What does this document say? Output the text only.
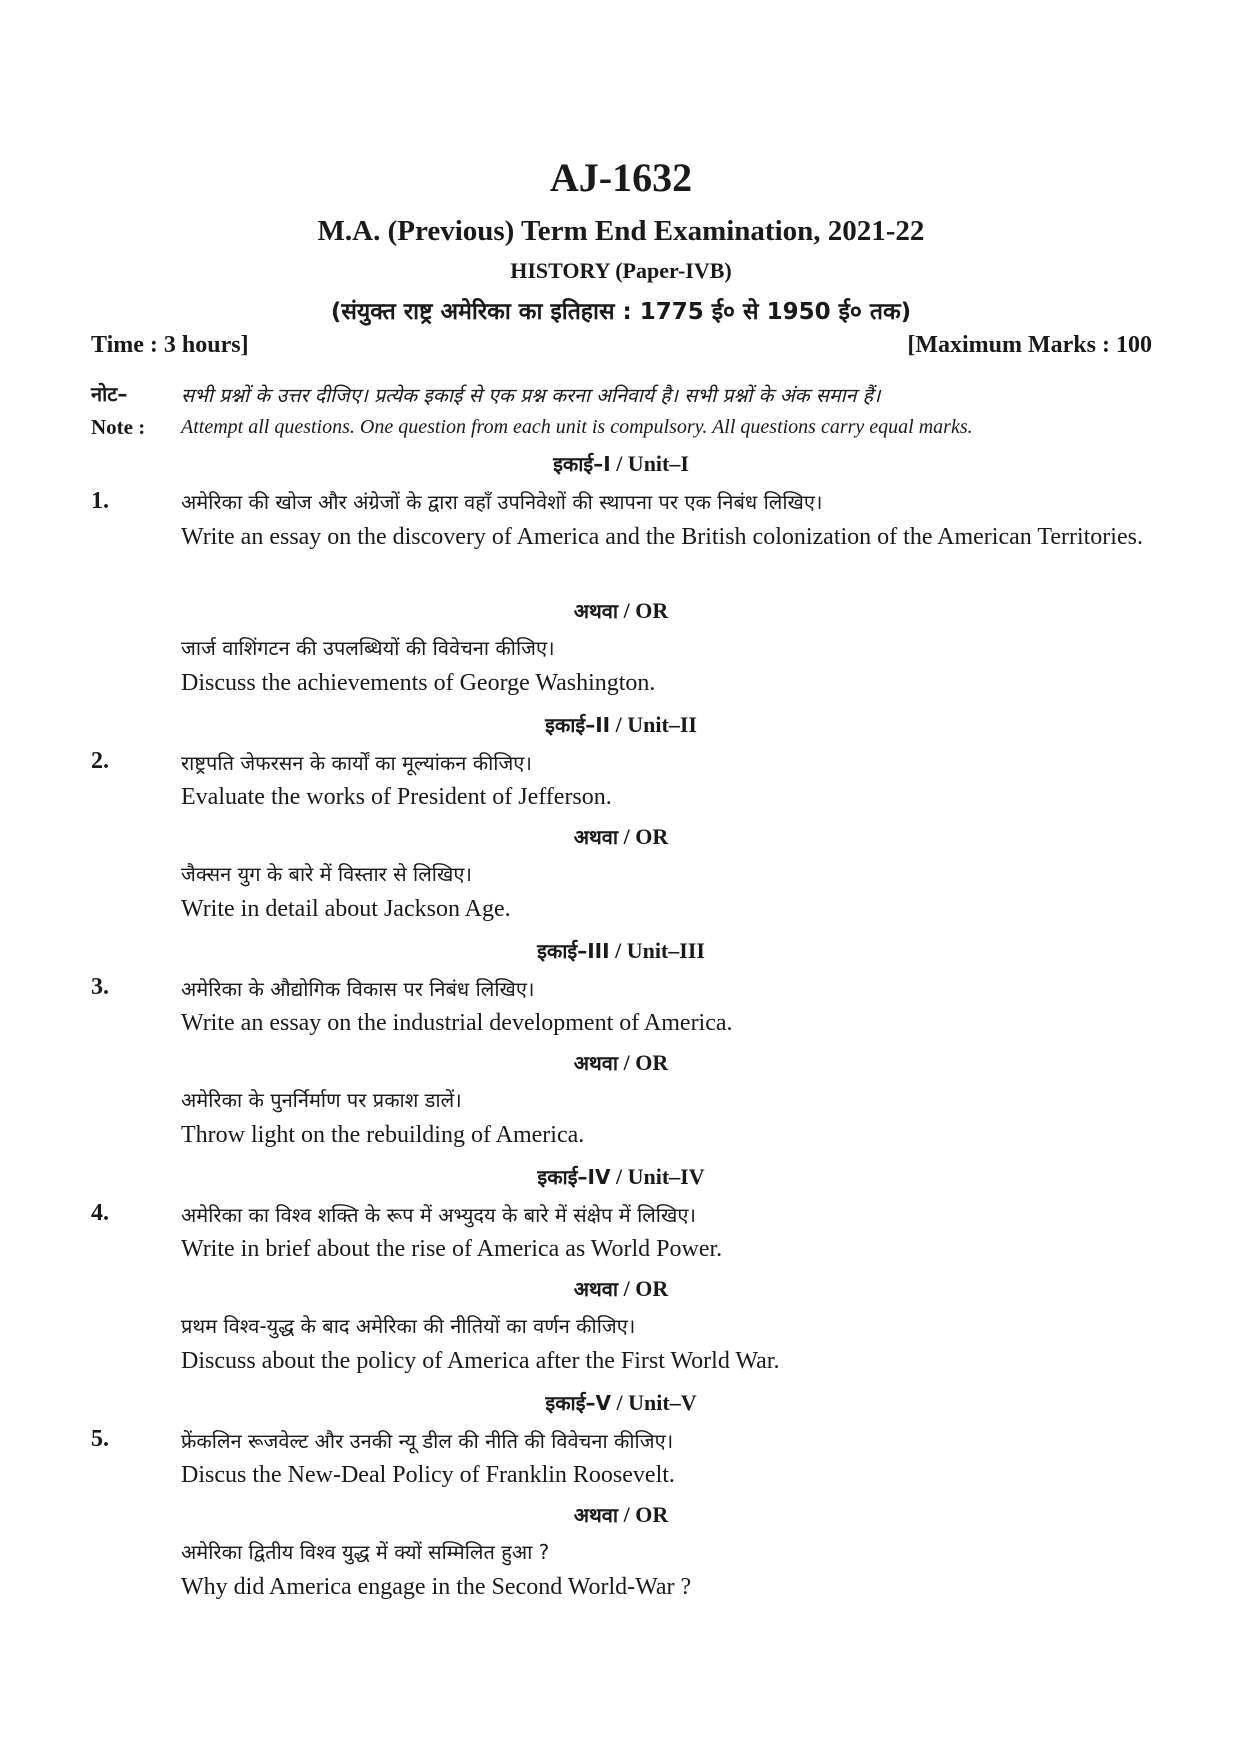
AJ-1632
M.A. (Previous) Term End Examination, 2021-22
HISTORY (Paper-IVB)
(संयुक्त राष्ट्र अमेरिका का इतिहास : 1775 ई० से 1950 ई० तक)
Time : 3 hours]	[Maximum Marks : 100
नोट–	सभी प्रश्नों के उत्तर दीजिए। प्रत्येक इकाई से एक प्रश्न करना अनिवार्य है। सभी प्रश्नों के अंक समान हैं।
Note : Attempt all questions. One question from each unit is compulsory. All questions carry equal marks.
इकाई–I / Unit–I
1.	अमेरिका की खोज और अंग्रेजों के द्वारा वहाँ उपनिवेशों की स्थापना पर एक निबंध लिखिए।
Write an essay on the discovery of America and the British colonization of the American Territories.
अथवा / OR
जार्ज वाशिंगटन की उपलब्धियों की विवेचना कीजिए।
Discuss the achievements of George Washington.
इकाई–II / Unit–II
2.	राष्ट्रपति जेफरसन के कार्यों का मूल्यांकन कीजिए।
Evaluate the works of President of Jefferson.
अथवा / OR
जैक्सन युग के बारे में विस्तार से लिखिए।
Write in detail about Jackson Age.
इकाई–III / Unit–III
3.	अमेरिका के औद्योगिक विकास पर निबंध लिखिए।
Write an essay on the industrial development of America.
अथवा / OR
अमेरिका के पुनर्निर्माण पर प्रकाश डालें।
Throw light on the rebuilding of America.
इकाई–IV / Unit–IV
4.	अमेरिका का विश्व शक्ति के रूप में अभ्युदय के बारे में संक्षेप में लिखिए।
Write in brief about the rise of America as World Power.
अथवा / OR
प्रथम विश्व-युद्ध के बाद अमेरिका की नीतियों का वर्णन कीजिए।
Discuss about the policy of America after the First World War.
इकाई–V / Unit–V
5.	फ्रेंकलिन रूजवेल्ट और उनकी न्यू डील की नीति की विवेचना कीजिए।
Discus the New-Deal Policy of Franklin Roosevelt.
अथवा / OR
अमेरिका द्वितीय विश्व युद्ध में क्यों सम्मिलित हुआ ?
Why did America engage in the Second World-War ?
